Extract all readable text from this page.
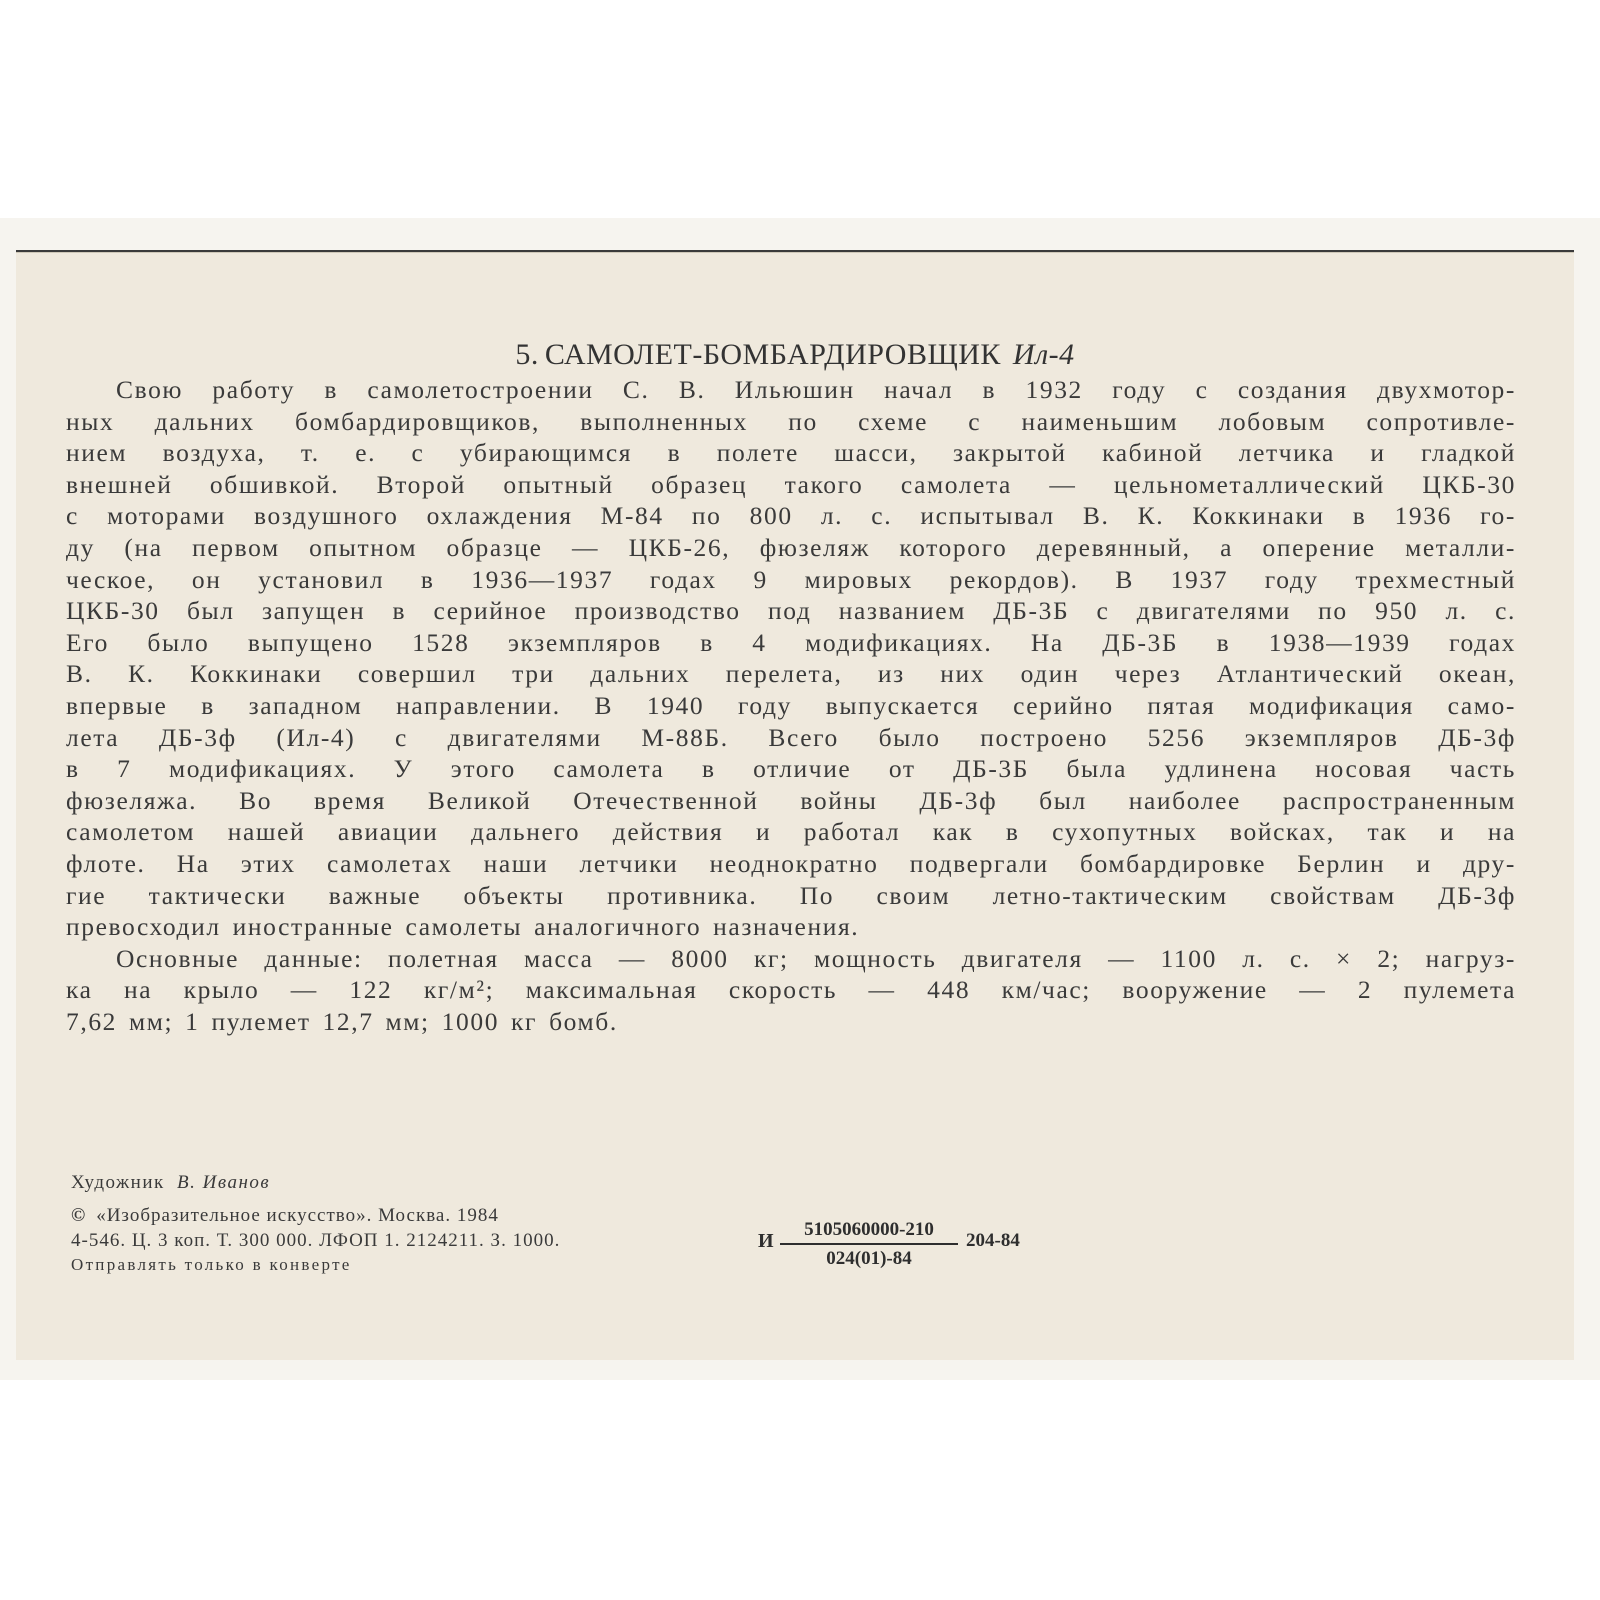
5. САМОЛЕТ-БОМБАРДИРОВЩИК Ил-4
Свою работу в самолетостроении С. В. Ильюшин начал в 1932 году с создания двухмотор-
ных дальних бомбардировщиков, выполненных по схеме с наименьшим лобовым сопротивле-
нием воздуха, т. е. с убирающимся в полете шасси, закрытой кабиной летчика и гладкой
внешней обшивкой. Второй опытный образец такого самолета — цельнометаллический ЦКБ-30
с моторами воздушного охлаждения М-84 по 800 л. с. испытывал В. К. Коккинаки в 1936 го-
ду (на первом опытном образце — ЦКБ-26, фюзеляж которого деревянный, а оперение металли-
ческое, он установил в 1936—1937 годах 9 мировых рекордов). В 1937 году трехместный
ЦКБ-30 был запущен в серийное производство под названием ДБ-3Б с двигателями по 950 л. с.
Его было выпущено 1528 экземпляров в 4 модификациях. На ДБ-3Б в 1938—1939 годах
В. К. Коккинаки совершил три дальних перелета, из них один через Атлантический океан,
впервые в западном направлении. В 1940 году выпускается серийно пятая модификация само-
лета ДБ-3ф (Ил-4) с двигателями М-88Б. Всего было построено 5256 экземпляров ДБ-3ф
в 7 модификациях. У этого самолета в отличие от ДБ-3Б была удлинена носовая часть
фюзеляжа. Во время Великой Отечественной войны ДБ-3ф был наиболее распространенным
самолетом нашей авиации дальнего действия и работал как в сухопутных войсках, так и на
флоте. На этих самолетах наши летчики неоднократно подвергали бомбардировке Берлин и дру-
гие тактически важные объекты противника. По своим летно-тактическим свойствам ДБ-3ф
превосходил иностранные самолеты аналогичного назначения.
Основные данные: полетная масса — 8000 кг; мощность двигателя — 1100 л. с. × 2; нагруз-
ка на крыло — 122 кг/м²; максимальная скорость — 448 км/час; вооружение — 2 пулемета
7,62 мм; 1 пулемет 12,7 мм; 1000 кг бомб.
Художник В. Иванов
© «Изобразительное искусство». Москва. 1984
4-546. Ц. 3 коп. Т. 300 000. ЛФОП 1. 2124211. З. 1000.
Отправлять только в конверте
И $\frac{5105060000-210}{024(01)-84} 204-84$
